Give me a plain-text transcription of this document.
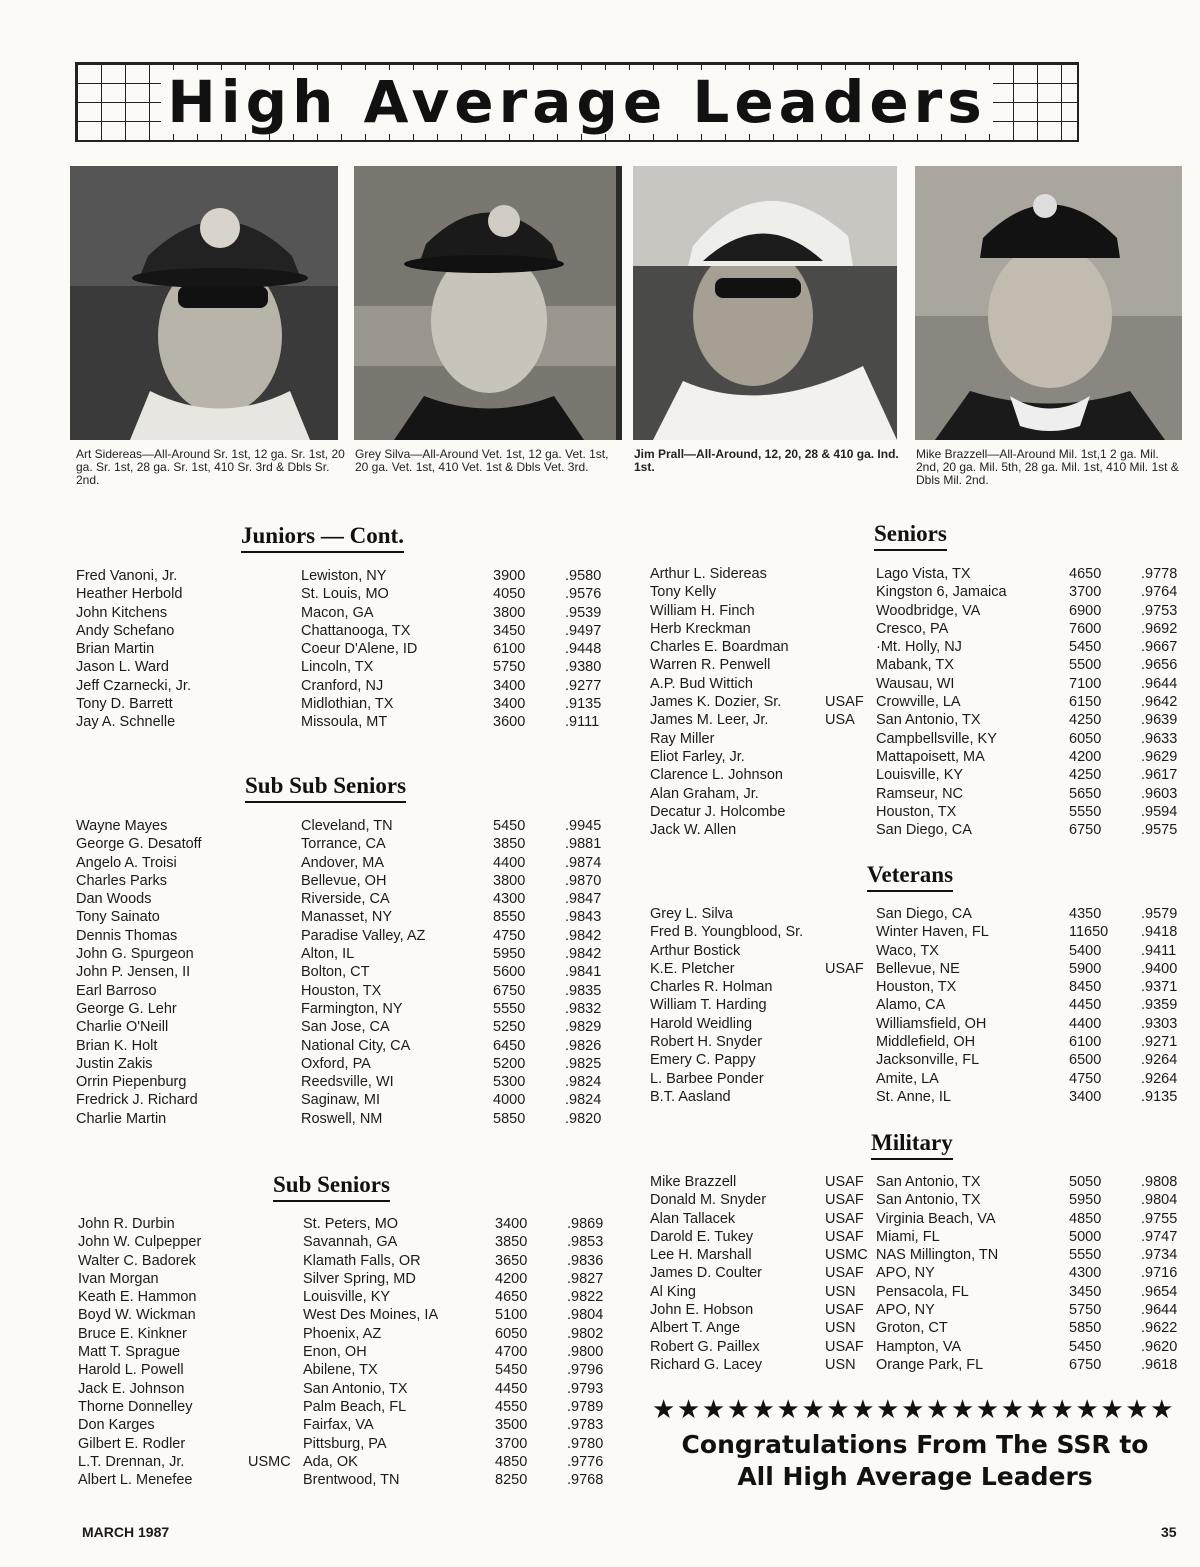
High Average Leaders
Art Sidereas—All-Around Sr. 1st, 12 ga. Sr. 1st, 20 ga. Sr. 1st, 28 ga. Sr. 1st, 410 Sr. 3rd & Dbls Sr. 2nd.
Grey Silva—All-Around Vet. 1st, 12 ga. Vet. 1st, 20 ga. Vet. 1st, 410 Vet. 1st & Dbls Vet. 3rd.
Jim Prall—All-Around, 12, 20, 28 & 410 ga. Ind. 1st.
Mike Brazzell—All-Around Mil. 1st,1 2 ga. Mil. 2nd, 20 ga. Mil. 5th, 28 ga. Mil. 1st, 410 Mil. 1st & Dbls Mil. 2nd.
Juniors — Cont.
Sub Sub Seniors
Sub Seniors
Seniors
Veterans
Military
Fred Vanoni, Jr.	Lewiston, NY	3900	.9580
Heather Herbold	St. Louis, MO	4050	.9576
John Kitchens	Macon, GA	3800	.9539
Andy Schefano	Chattanooga, TX	3450	.9497
Brian Martin	Coeur D'Alene, ID	6100	.9448
Jason L. Ward	Lincoln, TX	5750	.9380
Jeff Czarnecki, Jr.	Cranford, NJ	3400	.9277
Tony D. Barrett	Midlothian, TX	3400	.9135
Jay A. Schnelle	Missoula, MT	3600	.9111
Wayne Mayes	Cleveland, TN	5450	.9945
George G. Desatoff	Torrance, CA	3850	.9881
Angelo A. Troisi	Andover, MA	4400	.9874
Charles Parks	Bellevue, OH	3800	.9870
Dan Woods	Riverside, CA	4300	.9847
Tony Sainato	Manasset, NY	8550	.9843
Dennis Thomas	Paradise Valley, AZ	4750	.9842
John G. Spurgeon	Alton, IL	5950	.9842
John P. Jensen, II	Bolton, CT	5600	.9841
Earl Barroso	Houston, TX	6750	.9835
George G. Lehr	Farmington, NY	5550	.9832
Charlie O'Neill	San Jose, CA	5250	.9829
Brian K. Holt	National City, CA	6450	.9826
Justin Zakis	Oxford, PA	5200	.9825
Orrin Piepenburg	Reedsville, WI	5300	.9824
Fredrick J. Richard	Saginaw, MI	4000	.9824
Charlie Martin	Roswell, NM	5850	.9820
John R. Durbin	St. Peters, MO	3400	.9869
John W. Culpepper	Savannah, GA	3850	.9853
Walter C. Badorek	Klamath Falls, OR	3650	.9836
Ivan Morgan	Silver Spring, MD	4200	.9827
Keath E. Hammon	Louisville, KY	4650	.9822
Boyd W. Wickman	West Des Moines, IA	5100	.9804
Bruce E. Kinkner	Phoenix, AZ	6050	.9802
Matt T. Sprague	Enon, OH	4700	.9800
Harold L. Powell	Abilene, TX	5450	.9796
Jack E. Johnson	San Antonio, TX	4450	.9793
Thorne Donnelley	Palm Beach, FL	4550	.9789
Don Karges	Fairfax, VA	3500	.9783
Gilbert E. Rodler	Pittsburg, PA	3700	.9780
L.T. Drennan, Jr.	USMC Ada, OK	4850	.9776
Albert L. Menefee	Brentwood, TN	8250	.9768
Arthur L. Sidereas	Lago Vista, TX	4650	.9778
Tony Kelly	Kingston 6, Jamaica	3700	.9764
William H. Finch	Woodbridge, VA	6900	.9753
Herb Kreckman	Cresco, PA	7600	.9692
Charles E. Boardman	·Mt. Holly, NJ	5450	.9667
Warren R. Penwell	Mabank, TX	5500	.9656
A.P. Bud Wittich	Wausau, WI	7100	.9644
James K. Dozier, Sr.	USAF Crowville, LA	6150	.9642
James M. Leer, Jr.	USA San Antonio, TX	4250	.9639
Ray Miller	Campbellsville, KY	6050	.9633
Eliot Farley, Jr.	Mattapoisett, MA	4200	.9629
Clarence L. Johnson	Louisville, KY	4250	.9617
Alan Graham, Jr.	Ramseur, NC	5650	.9603
Decatur J. Holcombe	Houston, TX	5550	.9594
Jack W. Allen	San Diego, CA	6750	.9575
Grey L. Silva	San Diego, CA	4350	.9579
Fred B. Youngblood, Sr.	Winter Haven, FL	11650 .9418
Arthur Bostick	Waco, TX	5400	.9411
K.E. Pletcher	USAF Bellevue, NE	5900	.9400
Charles R. Holman	Houston, TX	8450	.9371
William T. Harding	Alamo, CA	4450	.9359
Harold Weidling	Williamsfield, OH	4400	.9303
Robert H. Snyder	Middlefield, OH	6100	.9271
Emery C. Pappy	Jacksonville, FL	6500	.9264
L. Barbee Ponder	Amite, LA	4750	.9264
B.T. Aasland	St. Anne, IL	3400	.9135
Mike Brazzell	USAF San Antonio, TX	5050	.9808
Donald M. Snyder	USAF San Antonio, TX	5950	.9804
Alan Tallacek	USAF Virginia Beach, VA	4850	.9755
Darold E. Tukey	USAF Miami, FL	5000	.9747
Lee H. Marshall	USMC NAS Millington, TN	5550	.9734
James D. Coulter	USAF APO, NY	4300	.9716
Al King	USN Pensacola, FL	3450	.9654
John E. Hobson	USAF APO, NY	5750	.9644
Albert T. Ange	USN Groton, CT	5850	.9622
Robert G. Paillex	USAF Hampton, VA	5450	.9620
Richard G. Lacey	USN Orange Park, FL	6750	.9618
★★★★★★★★★★★★★★★★★★★★★
Congratulations From The SSR to
All High Average Leaders
MARCH 1987	35
